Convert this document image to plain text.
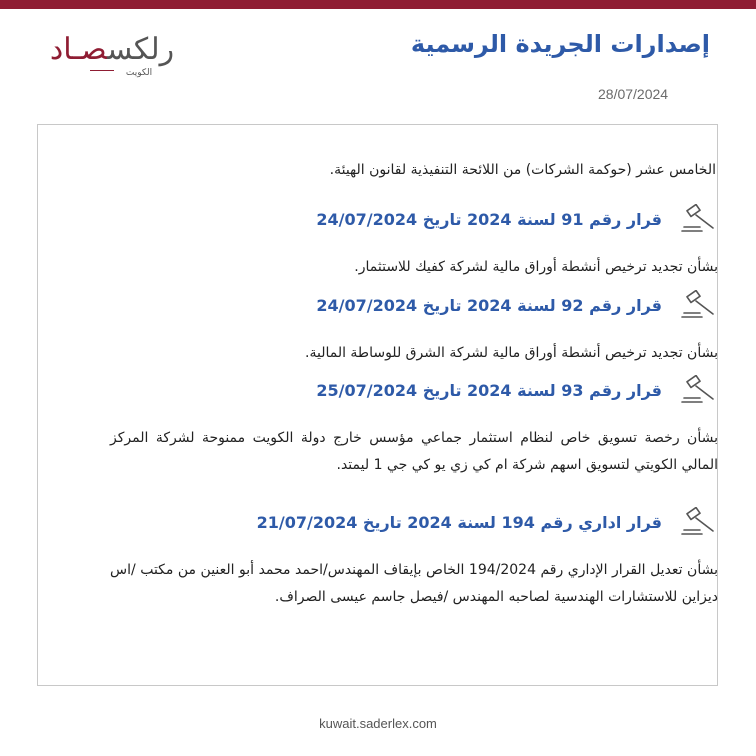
رلكسصـاد
الكويت
إصدارات الجريدة الرسمية
28/07/2024
الخامس عشر (حوكمة الشركات) من اللائحة التنفيذية لقانون الهيئة.
قرار رقم 91 لسنة 2024 تاريخ 24/07/2024
بشأن تجديد ترخيص أنشطة أوراق مالية لشركة كفيك للاستثمار.
قرار رقم 92 لسنة 2024 تاريخ 24/07/2024
بشأن تجديد ترخيص أنشطة أوراق مالية لشركة الشرق للوساطة المالية.
قرار رقم 93 لسنة 2024 تاريخ 25/07/2024
بشأن رخصة تسويق خاص لنظام استثمار جماعي مؤسس خارج دولة الكويت ممنوحة لشركة المركز المالي الكويتي لتسويق اسهم شركة ام كي زي يو كي جي 1 ليمتد.
قرار اداري رقم 194 لسنة 2024 تاريخ 21/07/2024
بشأن تعديل القرار الإداري رقم 194/2024 الخاص بإيقاف المهندس/احمد محمد أبو العنين من مكتب /اس ديزاين للاستشارات الهندسية لصاحبه المهندس /فيصل جاسم عيسى الصراف.
kuwait.saderlex.com
